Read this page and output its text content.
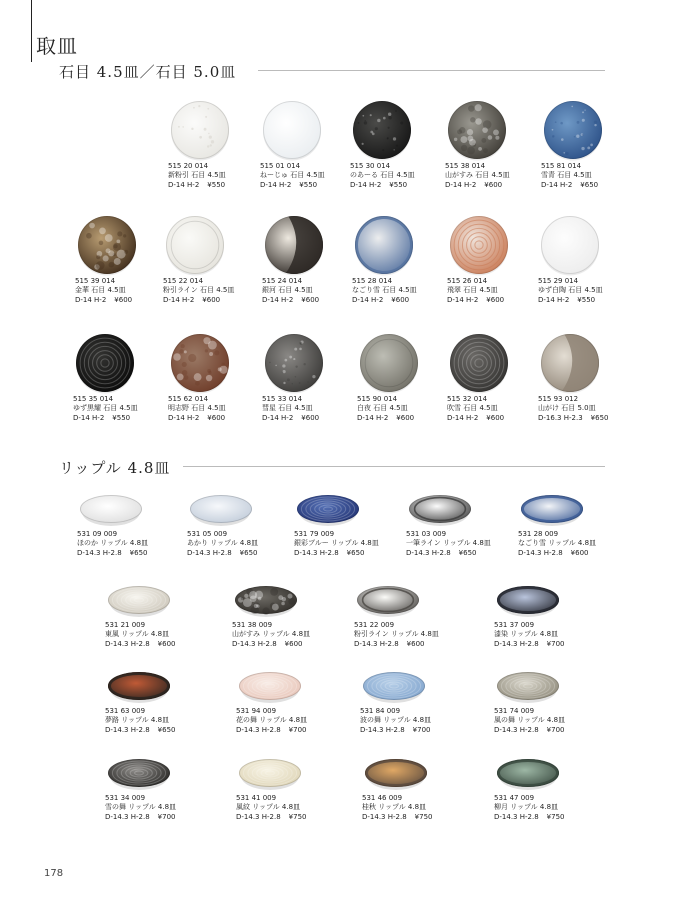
取皿
石目 4.5皿／石目 5.0皿
リップル 4.8皿
515 20 014
新粉引 石目 4.5皿
D-14 H-2 ¥550
515 01 014
ねーじゅ 石目 4.5皿
D-14 H-2 ¥550
515 30 014
のあーる 石目 4.5皿
D-14 H-2 ¥550
515 38 014
山がすみ 石目 4.5皿
D-14 H-2 ¥600
515 81 014
雪青 石目 4.5皿
D-14 H-2 ¥650
515 39 014
金華 石目 4.5皿
D-14 H-2 ¥600
515 22 014
粉引ライン 石目 4.5皿
D-14 H-2 ¥600
515 24 014
銀河 石目 4.5皿
D-14 H-2 ¥600
515 28 014
なごり雪 石目 4.5皿
D-14 H-2 ¥600
515 26 014
飛翠 石目 4.5皿
D-14 H-2 ¥600
515 29 014
ゆず白陶 石目 4.5皿
D-14 H-2 ¥550
515 35 014
ゆず黒耀 石目 4.5皿
D-14 H-2 ¥550
515 62 014
明志野 石目 4.5皿
D-14 H-2 ¥600
515 33 014
彗星 石目 4.5皿
D-14 H-2 ¥600
515 90 014
白夜 石目 4.5皿
D-14 H-2 ¥600
515 32 014
吹雪 石目 4.5皿
D-14 H-2 ¥600
515 93 012
山がけ 石目 5.0皿
D-16.3 H-2.3 ¥650
531 09 009
ほのか リップル 4.8皿
D-14.3 H-2.8 ¥650
531 05 009
あかり リップル 4.8皿
D-14.3 H-2.8 ¥650
531 79 009
銀彩ブルー リップル 4.8皿
D-14.3 H-2.8 ¥650
531 03 009
一筆ライン リップル 4.8皿
D-14.3 H-2.8 ¥650
531 28 009
なごり雪 リップル 4.8皿
D-14.3 H-2.8 ¥600
531 21 009
東風 リップル 4.8皿
D-14.3 H-2.8 ¥600
531 38 009
山がすみ リップル 4.8皿
D-14.3 H-2.8 ¥600
531 22 009
粉引ライン リップル 4.8皿
D-14.3 H-2.8 ¥600
531 37 009
漆染 リップル 4.8皿
D-14.3 H-2.8 ¥700
531 63 009
夢路 リップル 4.8皿
D-14.3 H-2.8 ¥650
531 94 009
花の舞 リップル 4.8皿
D-14.3 H-2.8 ¥700
531 84 009
波の舞 リップル 4.8皿
D-14.3 H-2.8 ¥700
531 74 009
風の舞 リップル 4.8皿
D-14.3 H-2.8 ¥700
531 34 009
雪の舞 リップル 4.8皿
D-14.3 H-2.8 ¥700
531 41 009
風紋 リップル 4.8皿
D-14.3 H-2.8 ¥750
531 46 009
桂秋 リップル 4.8皿
D-14.3 H-2.8 ¥750
531 47 009
柳月 リップル 4.8皿
D-14.3 H-2.8 ¥750
178
